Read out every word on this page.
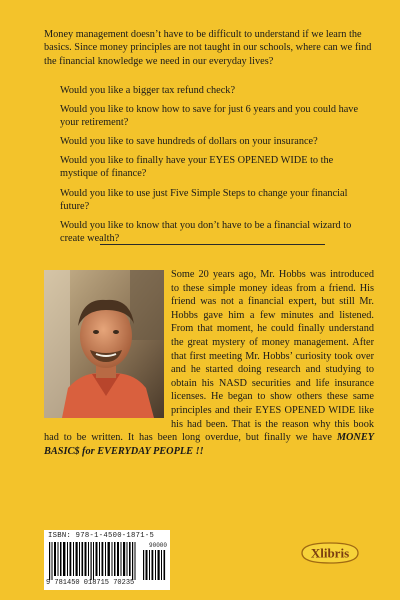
Money management doesn’t have to be difficult to understand if we learn the basics. Since money principles are not taught in our schools, where can we find the financial knowledge we need in our everyday lives?

Would you like a bigger tax refund check?
Would you like to know how to save for just 6 years and you could have your retirement?
Would you like to save hundreds of dollars on your insurance?
Would you like to finally have your EYES OPENED WIDE to the mystique of finance?
Would you like to use just Five Simple Steps to change your financial future?
Would you like to know that you don’t have to be a financial wizard to create wealth?

Some 20 years ago, Mr. Hobbs was introduced to these simple money ideas from a friend. His friend was not a financial expert, but still Mr. Hobbs gave him a few minutes and listened. From that moment, he could finally understand the great mystery of money management. After that first meeting Mr. Hobbs’ curiosity took over and he started doing research and studying to obtain his NASD securities and life insurance licenses. He began to show others these same principles and their EYES OPENED WIDE like his had been. That is the reason why this book had to be written. It has been long overdue, but finally we have MONEY BASIC$ for EVERYDAY PEOPLE !!

ISBN: 978-1-4500-1871-5
90000
9 781450 018715 70235
Xlibris
